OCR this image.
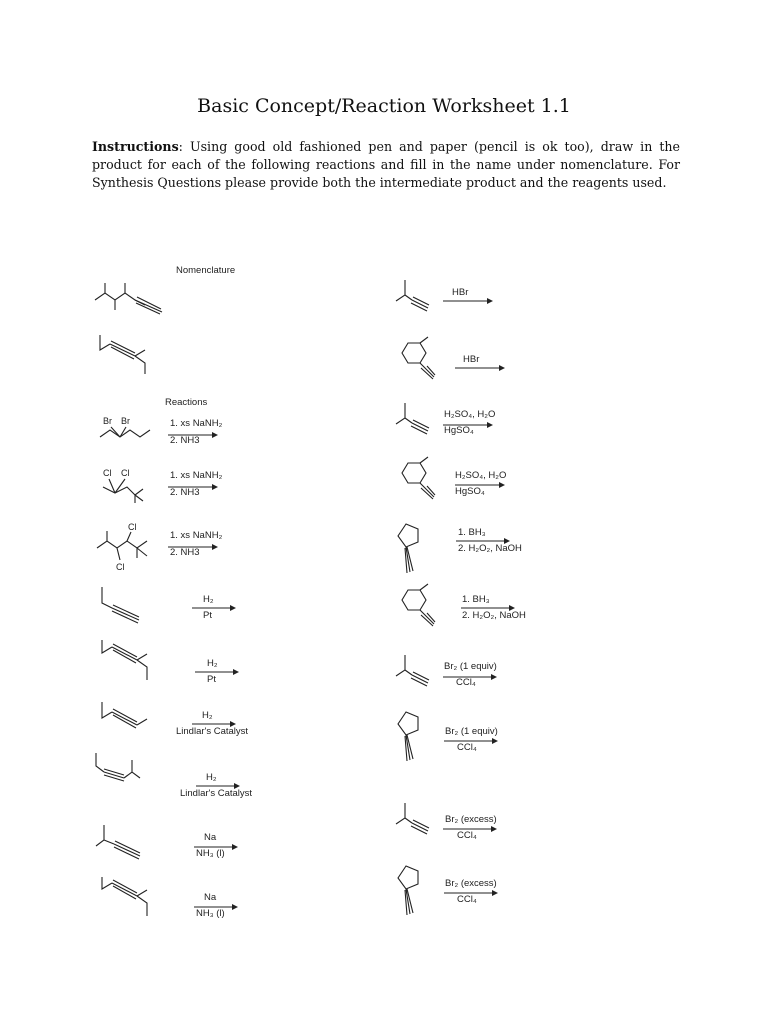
Basic Concept/Reaction Worksheet 1.1
Instructions: Using good old fashioned pen and paper (pencil is ok too), draw in the product for each of the following reactions and fill in the name under nomenclature. For Synthesis Questions please provide both the intermediate product and the reagents used.
Nomenclature
Reactions
Br Br	1. xs NaNH₂
2. NH3
Cl Cl	1. xs NaNH₂
2. NH3
Cl
Cl
1. xs NaNH₂
2. NH3
H₂
Pt
H₂
Pt
H₂
Lindlar's Catalyst
H₂
Lindlar's Catalyst
Na
NH₃ (l)
Na
NH₃ (l)
HBr
HBr
H₂SO₄, H₂O
HgSO₄
H₂SO₄, H₂O
HgSO₄
1. BH₃
2. H₂O₂, NaOH
1. BH₃
2. H₂O₂, NaOH
Br₂ (1 equiv)
CCl₄
Br₂ (1 equiv)
CCl₄
Br₂ (excess)
CCl₄
Br₂ (excess)
CCl₄
